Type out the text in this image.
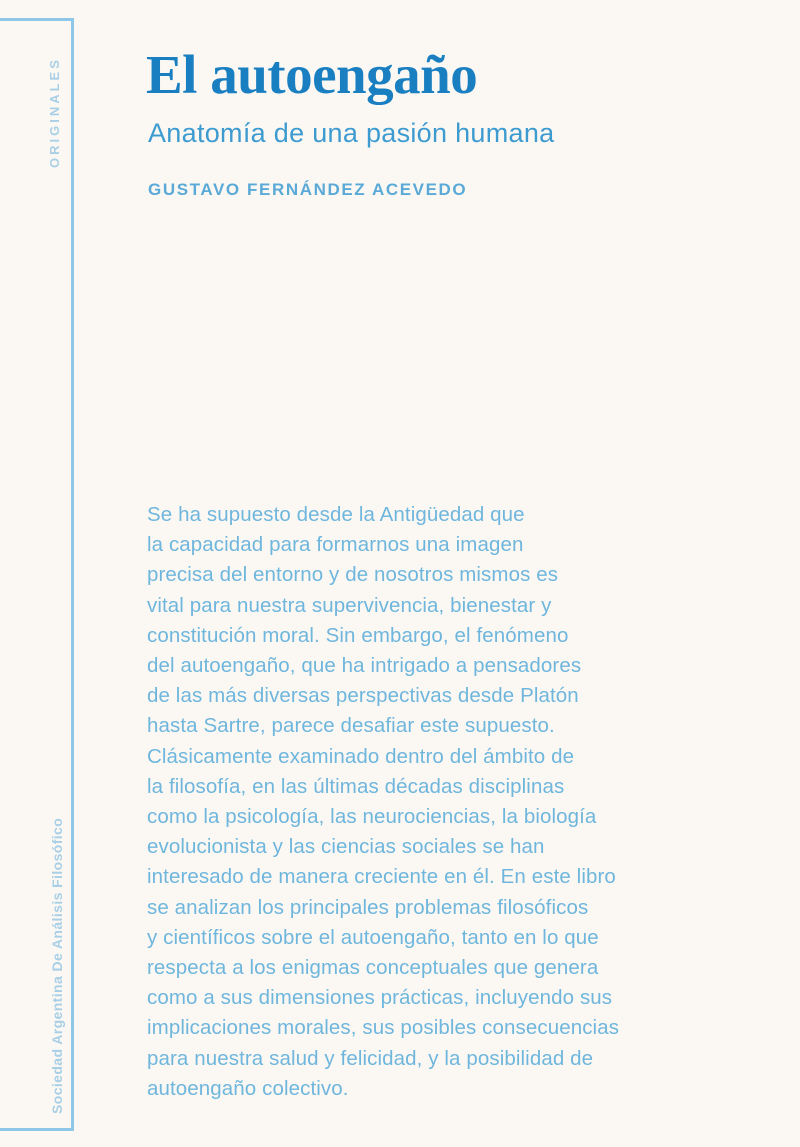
ORIGINALES
Sociedad Argentina De Análisis Filosófico
El autoengaño
Anatomía de una pasión humana
GUSTAVO FERNÁNDEZ ACEVEDO
Se ha supuesto desde la Antigüedad que
la capacidad para formarnos una imagen
precisa del entorno y de nosotros mismos es
vital para nuestra supervivencia, bienestar y
constitución moral. Sin embargo, el fenómeno
del autoengaño, que ha intrigado a pensadores
de las más diversas perspectivas desde Platón
hasta Sartre, parece desafiar este supuesto.
Clásicamente examinado dentro del ámbito de
la filosofía, en las últimas décadas disciplinas
como la psicología, las neurociencias, la biología
evolucionista y las ciencias sociales se han
interesado de manera creciente en él. En este libro
se analizan los principales problemas filosóficos
y científicos sobre el autoengaño, tanto en lo que
respecta a los enigmas conceptuales que genera
como a sus dimensiones prácticas, incluyendo sus
implicaciones morales, sus posibles consecuencias
para nuestra salud y felicidad, y la posibilidad de
autoengaño colectivo.
